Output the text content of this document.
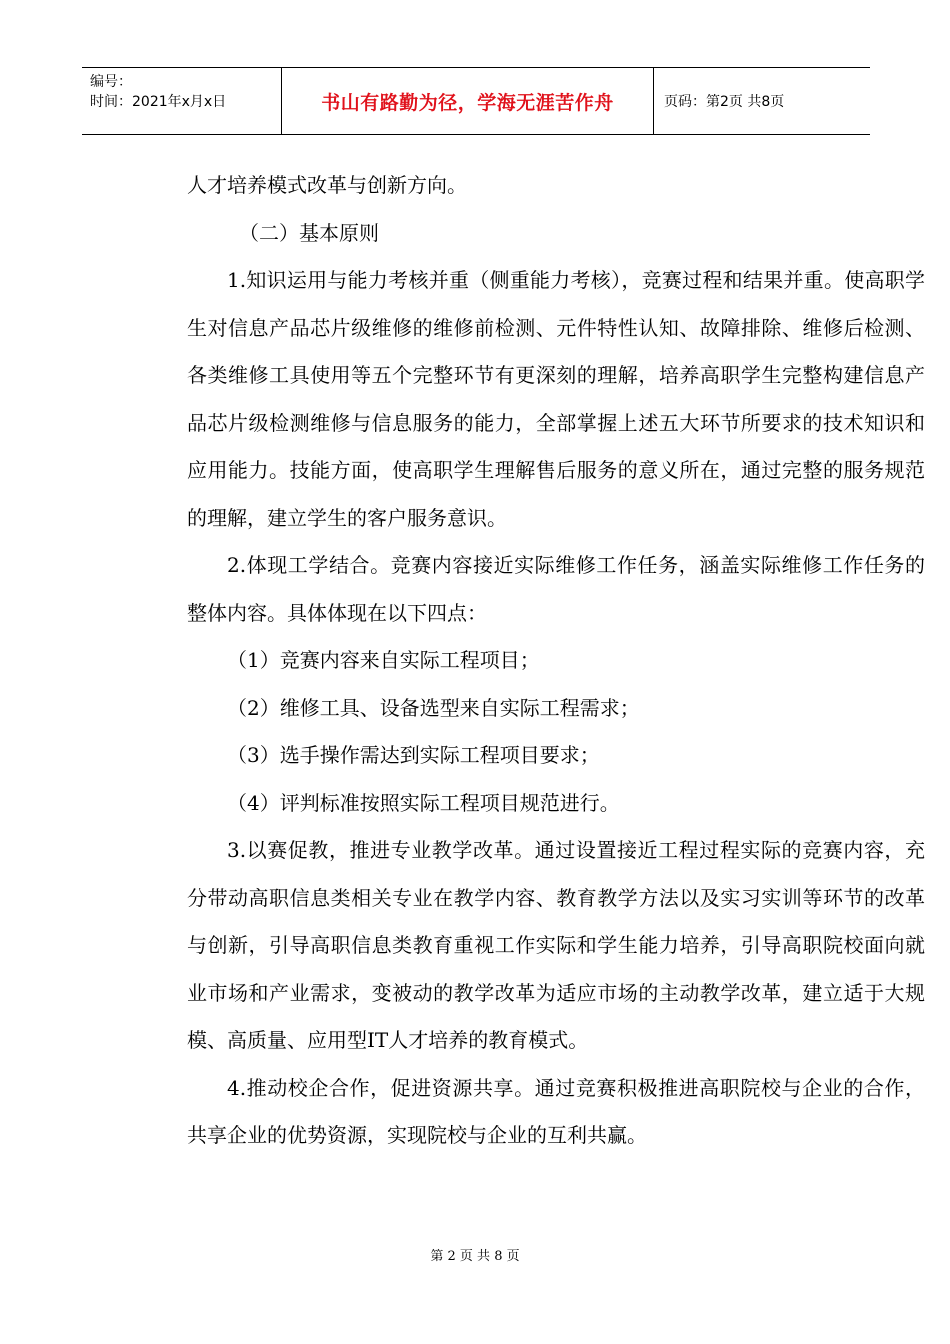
编号：
时间：2021年x月x日	书山有路勤为径，学海无涯苦作舟	页码：第2页 共8页

人才培养模式改革与创新方向。

（二）基本原则

1.知识运用与能力考核并重（侧重能力考核），竞赛过程和结果并重。使高职学生对信息产品芯片级维修的维修前检测、元件特性认知、故障排除、维修后检测、各类维修工具使用等五个完整环节有更深刻的理解，培养高职学生完整构建信息产品芯片级检测维修与信息服务的能力，全部掌握上述五大环节所要求的技术知识和应用能力。技能方面，使高职学生理解售后服务的意义所在，通过完整的服务规范的理解，建立学生的客户服务意识。

2.体现工学结合。竞赛内容接近实际维修工作任务，涵盖实际维修工作任务的整体内容。具体体现在以下四点：

（1）竞赛内容来自实际工程项目；

（2）维修工具、设备选型来自实际工程需求；

（3）选手操作需达到实际工程项目要求；

（4）评判标准按照实际工程项目规范进行。

3.以赛促教，推进专业教学改革。通过设置接近工程过程实际的竞赛内容，充分带动高职信息类相关专业在教学内容、教育教学方法以及实习实训等环节的改革与创新，引导高职信息类教育重视工作实际和学生能力培养，引导高职院校面向就业市场和产业需求，变被动的教学改革为适应市场的主动教学改革，建立适于大规模、高质量、应用型IT人才培养的教育模式。

4.推动校企合作，促进资源共享。通过竞赛积极推进高职院校与企业的合作，共享企业的优势资源，实现院校与企业的互利共赢。

第 2 页 共 8 页
